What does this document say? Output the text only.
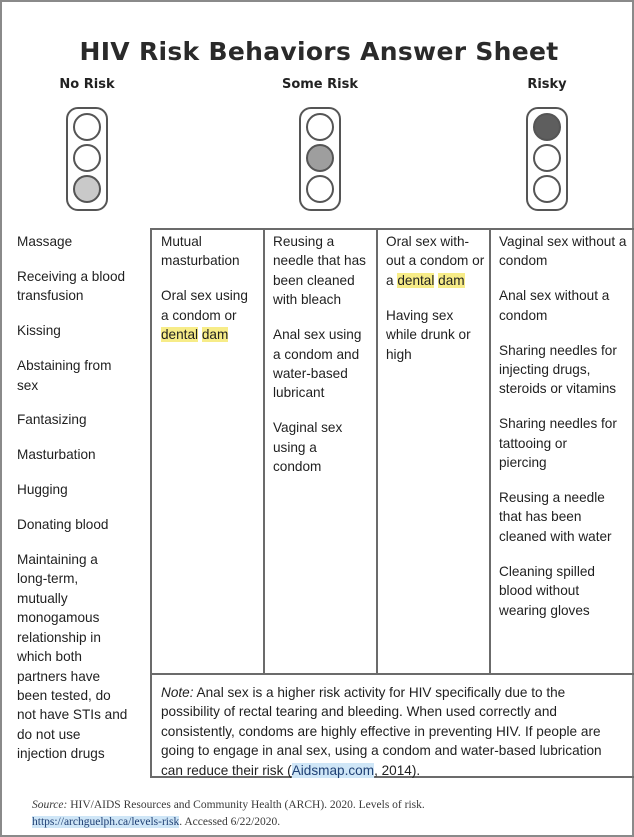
HIV Risk Behaviors Answer Sheet
No Risk	Some Risk	Risky
Massage
Receiving a blood transfusion
Kissing
Abstaining from sex
Fantasizing
Masturbation
Hugging
Donating blood
Maintaining a long-term, mutually monogamous relationship in which both partners have been tested, do not have STIs and do not use injection drugs
Mutual masturbation
Oral sex using a condom or dental dam
Reusing a needle that has been cleaned with bleach
Anal sex using a condom and water-based lubricant
Vaginal sex using a condom
Oral sex with-out a condom or a dental dam
Having sex while drunk or high
Vaginal sex without a condom
Anal sex without a condom
Sharing needles for injecting drugs, steroids or vitamins
Sharing needles for tattooing or piercing
Reusing a needle that has been cleaned with water
Cleaning spilled blood without wearing gloves
Note: Anal sex is a higher risk activity for HIV specifically due to the possibility of rectal tearing and bleeding. When used correctly and consistently, condoms are highly effective in preventing HIV. If people are going to engage in anal sex, using a condom and water-based lubrication can reduce their risk (Aidsmap.com, 2014).
Source: HIV/AIDS Resources and Community Health (ARCH). 2020. Levels of risk.
https://archguelph.ca/levels-risk. Accessed 6/22/2020.
